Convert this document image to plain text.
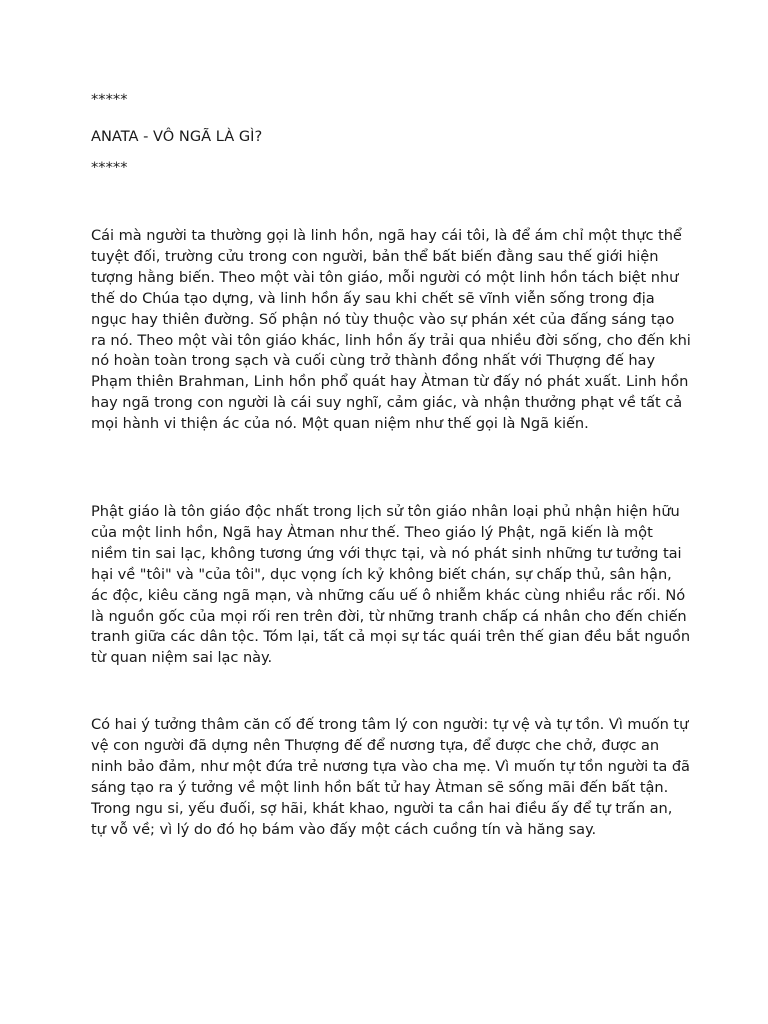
*****

ANATA - VÔ NGÃ LÀ GÌ?

*****

Cái mà người ta thường gọi là linh hồn, ngã hay cái tôi, là để ám chỉ một thực thể tuyệt đối, trường cửu trong con người, bản thể bất biến đằng sau thế giới hiện tượng hằng biến. Theo một vài tôn giáo, mỗi người có một linh hồn tách biệt như thế do Chúa tạo dựng, và linh hồn ấy sau khi chết sẽ vĩnh viễn sống trong địa ngục hay thiên đường. Số phận nó tùy thuộc vào sự phán xét của đấng sáng tạo ra nó. Theo một vài tôn giáo khác, linh hồn ấy trải qua nhiều đời sống, cho đến khi nó hoàn toàn trong sạch và cuối cùng trở thành đồng nhất với Thượng đế hay Phạm thiên Brahman, Linh hồn phổ quát hay Àtman từ đấy nó phát xuất. Linh hồn hay ngã trong con người là cái suy nghĩ, cảm giác, và nhận thưởng phạt về tất cả mọi hành vi thiện ác của nó. Một quan niệm như thế gọi là Ngã kiến.

Phật giáo là tôn giáo độc nhất trong lịch sử tôn giáo nhân loại phủ nhận hiện hữu của một linh hồn, Ngã hay Àtman như thế. Theo giáo lý Phật, ngã kiến là một niềm tin sai lạc, không tương ứng với thực tại, và nó phát sinh những tư tưởng tai hại về "tôi" và "của tôi", dục vọng ích kỷ không biết chán, sự chấp thủ, sân hận, ác độc, kiêu căng ngã mạn, và những cấu uế ô nhiễm khác cùng nhiều rắc rối. Nó là nguồn gốc của mọi rối ren trên đời, từ những tranh chấp cá nhân cho đến chiến tranh giữa các dân tộc. Tóm lại, tất cả mọi sự tác quái trên thế gian đều bắt nguồn từ quan niệm sai lạc này.

Có hai ý tưởng thâm căn cố đế trong tâm lý con người: tự vệ và tự tồn. Vì muốn tự vệ con người đã dựng nên Thượng đế để nương tựa, để được che chở, được an ninh bảo đảm, như một đứa trẻ nương tựa vào cha mẹ. Vì muốn tự tồn người ta đã sáng tạo ra ý tưởng về một linh hồn bất tử hay Àtman sẽ sống mãi đến bất tận. Trong ngu si, yếu đuối, sợ hãi, khát khao, người ta cần hai điều ấy để tự trấn an, tự vỗ về; vì lý do đó họ bám vào đấy một cách cuồng tín và hăng say.
